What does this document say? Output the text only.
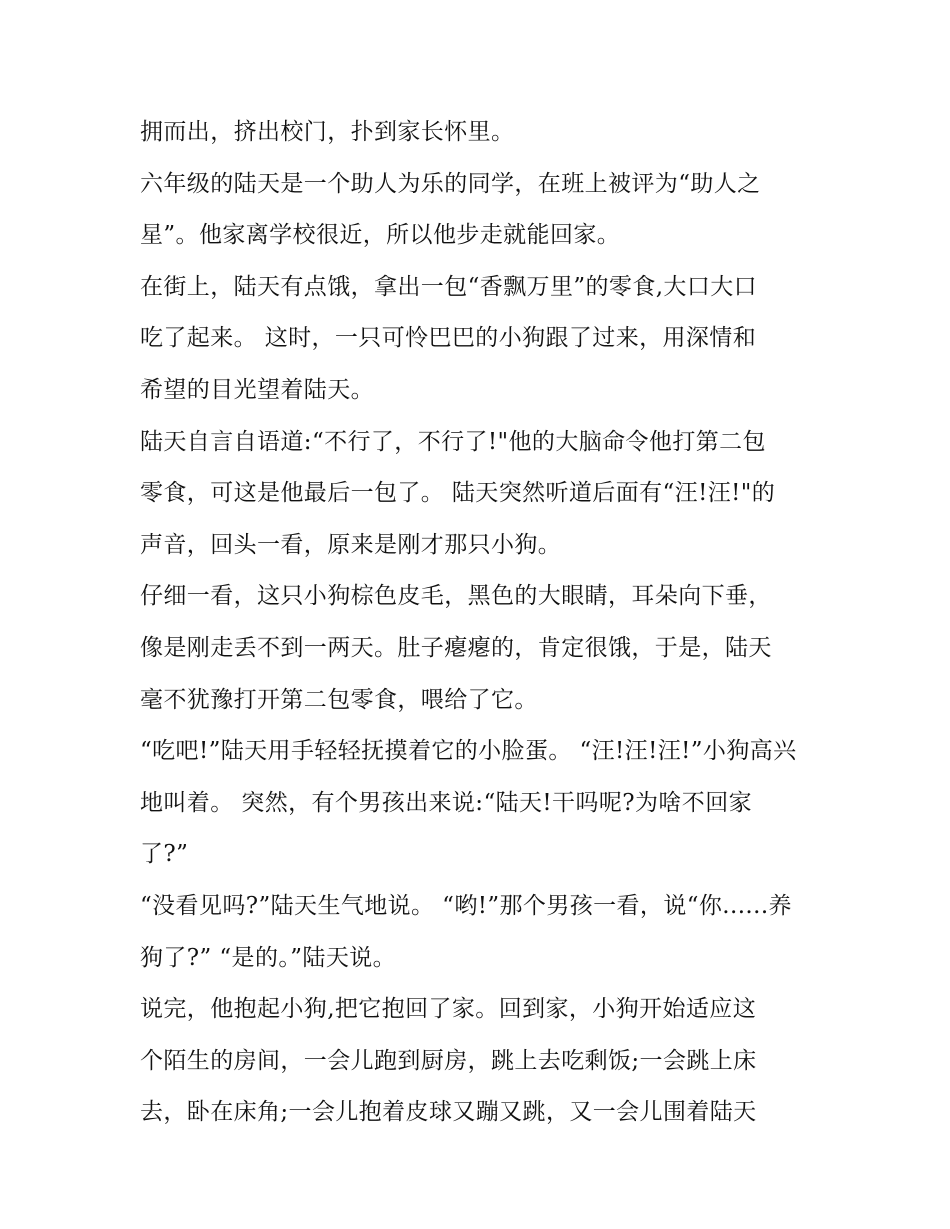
拥而出，挤出校门，扑到家长怀里。
六年级的陆天是一个助人为乐的同学，在班上被评为“助人之
星”。他家离学校很近，所以他步走就能回家。
在街上，陆天有点饿，拿出一包“香飘万里”的零食,大口大口
吃了起来。 这时，一只可怜巴巴的小狗跟了过来，用深情和
希望的目光望着陆天。
陆天自言自语道:“不行了，不行了!"他的大脑命令他打第二包
零食，可这是他最后一包了。 陆天突然听道后面有“汪!汪!"的
声音，回头一看，原来是刚才那只小狗。
仔细一看，这只小狗棕色皮毛，黑色的大眼睛，耳朵向下垂，
像是刚走丢不到一两天。肚子瘪瘪的，肯定很饿，于是，陆天
毫不犹豫打开第二包零食，喂给了它。
“吃吧!”陆天用手轻轻抚摸着它的小脸蛋。 “汪!汪!汪!”小狗高兴
地叫着。 突然，有个男孩出来说:“陆天!干吗呢?为啥不回家
了?”
“没看见吗?”陆天生气地说。 “哟!”那个男孩一看，说“你......养
狗了?” “是的。”陆天说。
说完，他抱起小狗,把它抱回了家。回到家，小狗开始适应这
个陌生的房间，一会儿跑到厨房，跳上去吃剩饭;一会跳上床
去，卧在床角;一会儿抱着皮球又蹦又跳，又一会儿围着陆天
